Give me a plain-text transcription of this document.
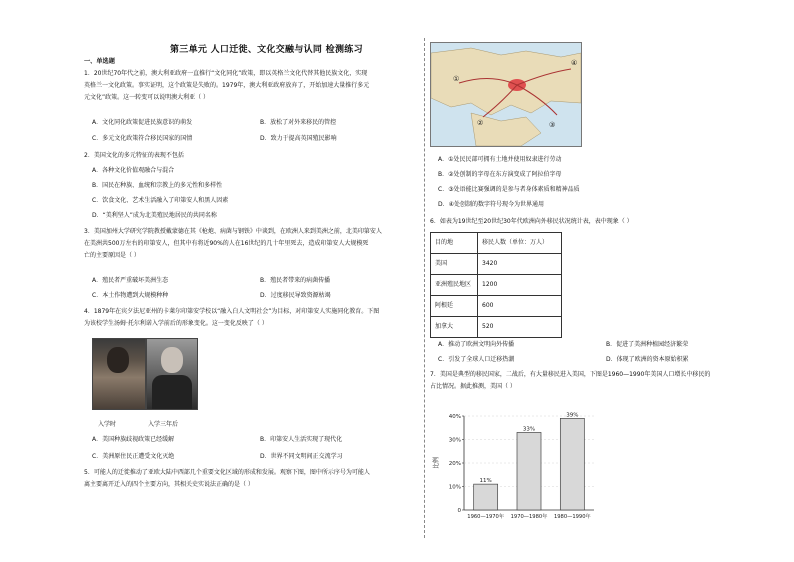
第三单元 人口迁徙、文化交融与认同 检测练习
一、单选题
1．20世纪70年代之前，澳大利亚政府一直推行“文化同化”政策，即以英格兰文化代替其他民族文化，实现
英格兰一文化政策。事实证明，这个政策是失败的。1979年，澳大利亚政府放弃了，开始加速大量推行多元
元文化”政策。这一转变可以说明澳大利亚（ ）
A．文化同化政策促进民族意识的萌发	B．放松了对外来移民的管控
C．多元文化政策符合移民国家的国情	D．致力于提高英国殖民影响
2．美国文化的多元特征的表现不包括
A．各种文化价值观融合与混合
B．国民在种族、血统和宗教上的多元性和多样性
C．饮食文化、艺术生活融入了印第安人和黑人因素
D．“美利坚人”成为北美殖民地居民的共同名称
3．美国加州大学研究学院教授戴蒙德在其《枪炮、病菌与钢铁》中谈到，在欧洲人来到美洲之前，北美印第安人
在美洲共500万左右的印第安人，但其中有将近90%的人在16世纪的几十年里死去，造成印第安人大规模死
亡的主要原因是（ ）
A．殖民者严重破坏美洲生态	B．殖民者带来的病菌传播
C．本土作物遭到大规模种种	D．过度移民导致资源枯竭
4．1879年在宾夕法尼亚州的卡莱尔印第安学校以“融入白人文明社会”为目标，对印第安人实施同化教育。下图
为该校学生汤姆·托尔利诺入学前后的形象变化。这一变化反映了（ ）
入学时	入学三年后
A．美国种族歧视政策已经缓解	B．印第安人生活实现了现代化
C．美洲原住民正遭受文化灭绝	D．世界不同文明间正交流学习
5．可能人的迁徙推动了亚欧大陆中西部几个重要文化区域的形成和发展。观察下图，图中所示序号为可能人
离主要离开迁入的四个主要方向，其相关史实说法正确的是（ ）
①
②	③
④
A．①处民民部可拥有土地并使用奴隶进行劳动
B．②处创制的字母在东方演变成了阿拉伯字母
C．③处语能比赛强调的是参与者身体素质和精神品质
D．④处创制的数字符号现今为世界通用
6．如表为19世纪至20世纪30年代欧洲向外移民状况统计表，表中现象（ ）
目的地	移民人数（单位：万人）
美国	3420
亚洲殖民地区	1200
阿根廷	600
加拿大	520
A．推动了欧洲文明向外传播	B．促进了美洲种植园经济繁荣
C．引发了全球人口迁移热潮	D．体现了欧洲的资本原始积累
7．美国是典型的移民国家，二战后，有大量移民进入美国，下图是1960—1990年美国人口增长中移民的
占比情况。据此推测，美国（ ）
0
10%
20%
30%
40%
比例
11%
1960—1970年
33%
1970—1980年
39%
1980—1990年
